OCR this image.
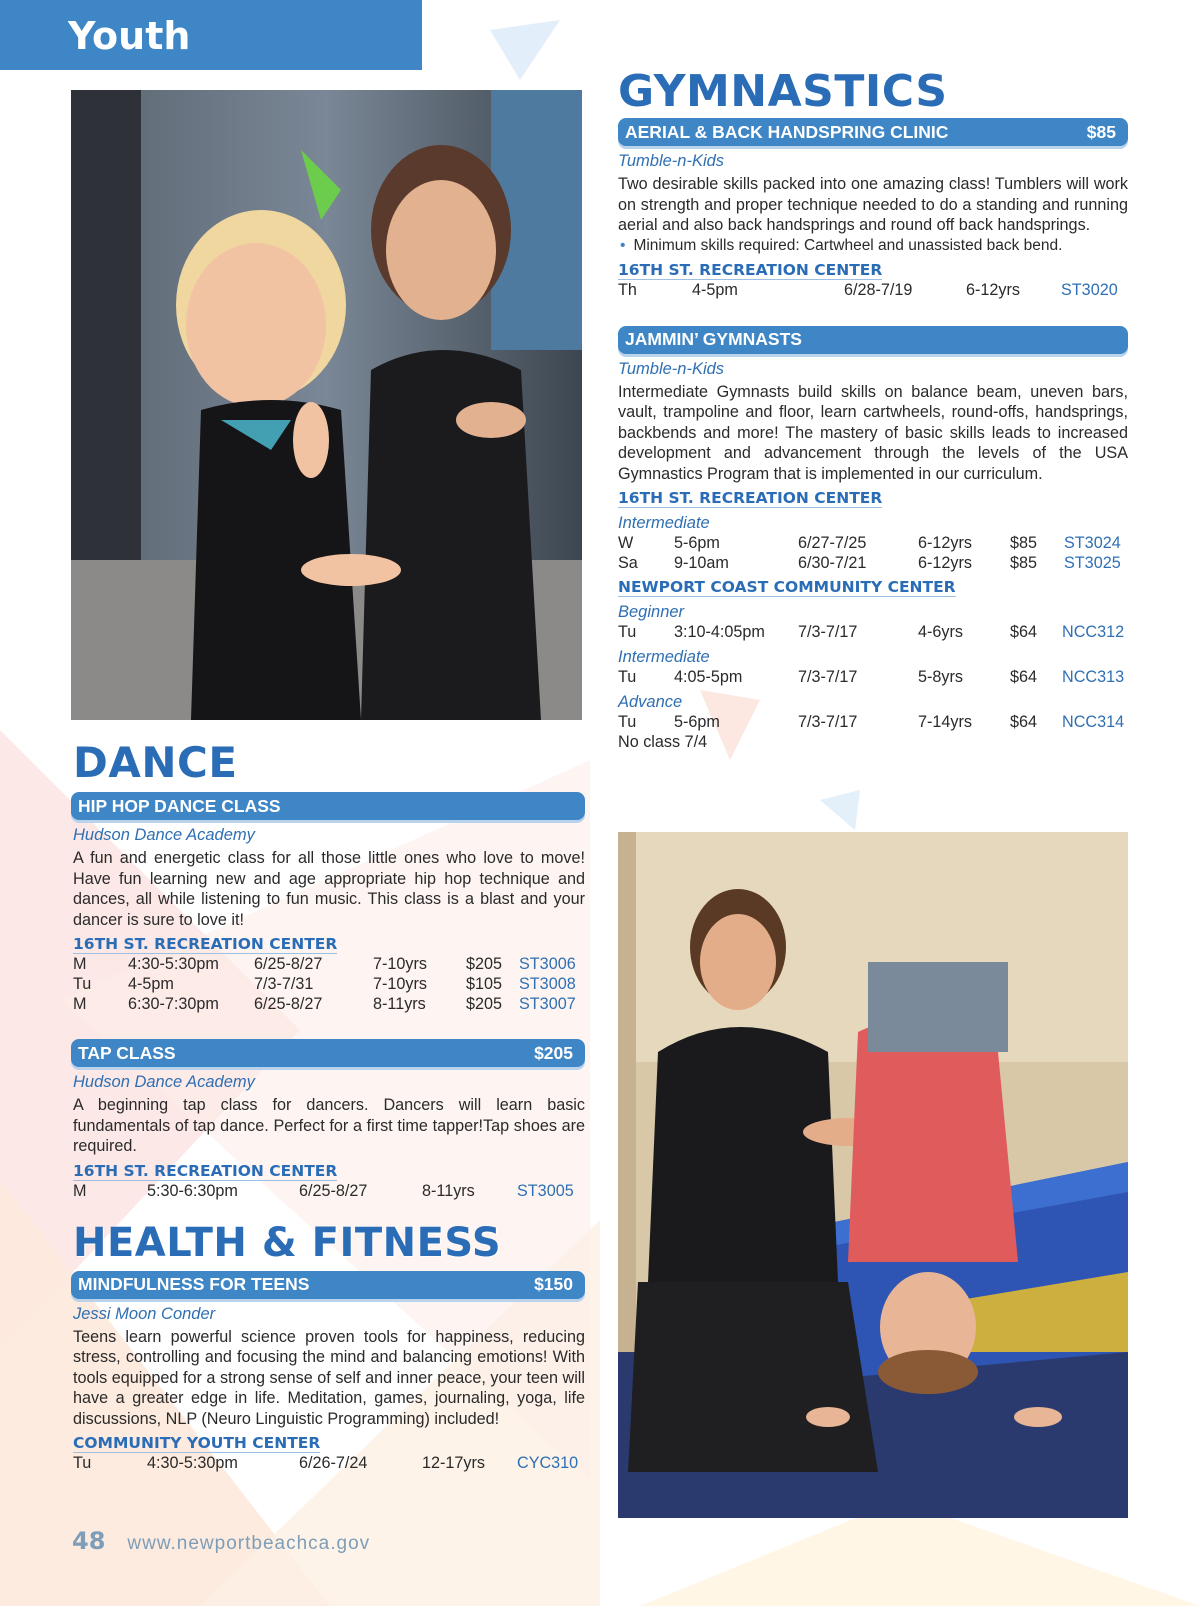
Youth
GYMNASTICS
AERIAL & BACK HANDSPRING CLINIC	$85
Tumble-n-Kids
Two desirable skills packed into one amazing class! Tumblers will work on strength and proper technique needed to do a standing and running aerial and also back handsprings and round off back handsprings.
• Minimum skills required: Cartwheel and unassisted back bend.
16TH ST. RECREATION CENTER
Th	4-5pm	6/28-7/19	6-12yrs	ST3020
JAMMIN’ GYMNASTS
Tumble-n-Kids
Intermediate Gymnasts build skills on balance beam, uneven bars, vault, trampoline and floor, learn cartwheels, round-offs, handsprings, backbends and more! The mastery of basic skills leads to increased development and advancement through the levels of the USA Gymnastics Program that is implemented in our curriculum.
16TH ST. RECREATION CENTER
Intermediate
W	5-6pm	6/27-7/25	6-12yrs $85 ST3024
Sa 9-10am	6/30-7/21	6-12yrs $85 ST3025
NEWPORT COAST COMMUNITY CENTER
Beginner
Tu 3:10-4:05pm 7/3-7/17	4-6yrs	$64 NCC312
Intermediate
Tu 4:05-5pm	7/3-7/17	5-8yrs	$64 NCC313
Advance
Tu 5-6pm	7/3-7/17	7-14yrs $64 NCC314
No class 7/4
DANCE
HIP HOP DANCE CLASS
Hudson Dance Academy
A fun and energetic class for all those little ones who love to move! Have fun learning new and age appropriate hip hop technique and dances, all while listening to fun music. This class is a blast and your dancer is sure to love it!
16TH ST. RECREATION CENTER
M	4:30-5:30pm 6/25-8/27	7-10yrs $205 ST3006
Tu 4-5pm	7/3-7/31	7-10yrs $105 ST3008
M	6:30-7:30pm 6/25-8/27	8-11yrs $205 ST3007
TAP CLASS	$205
Hudson Dance Academy
A beginning tap class for dancers. Dancers will learn basic fundamentals of tap dance. Perfect for a first time tapper!Tap shoes are required.
16TH ST. RECREATION CENTER
M	5:30-6:30pm	6/25-8/27	8-11yrs	ST3005
HEALTH & FITNESS
MINDFULNESS FOR TEENS	$150
Jessi Moon Conder
Teens learn powerful science proven tools for happiness, reducing stress, controlling and focusing the mind and balancing emotions! With tools equipped for a strong sense of self and inner peace, your teen will have a greater edge in life. Meditation, games, journaling, yoga, life discussions, NLP (Neuro Linguistic Programming) included!
COMMUNITY YOUTH CENTER
Tu	4:30-5:30pm	6/26-7/24	12-17yrs CYC310
48 www.newportbeachca.gov
